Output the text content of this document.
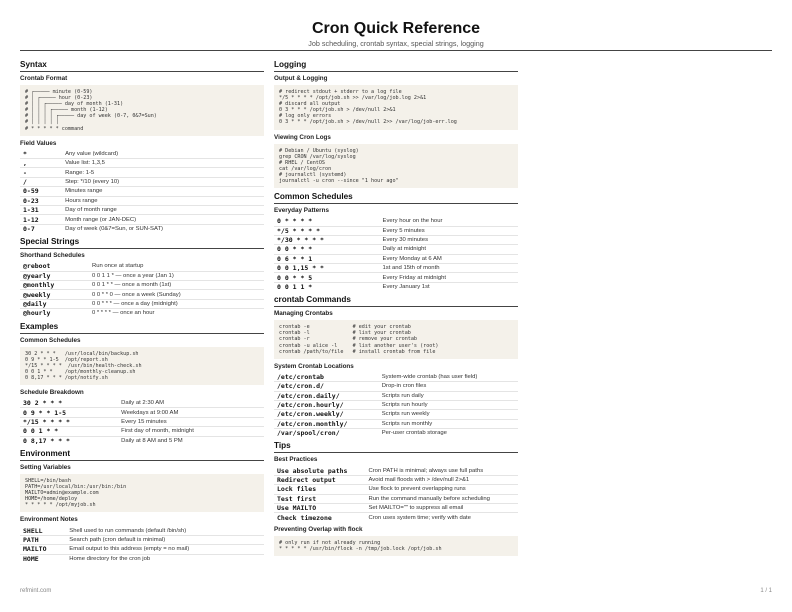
Cron Quick Reference
Job scheduling, crontab syntax, special strings, logging
Syntax
Crontab Format
# ┌───── minute (0-59)
# │ ┌───── hour (0-23)
# │ │ ┌───── day of month (1-31)
# │ │ │ ┌───── month (1-12)
# │ │ │ │ ┌───── day of week (0-7, 0&7=Sun)
# │ │ │ │ │
# * * * * * command
Field Values
*	Any value (wildcard)
,	Value list: 1,3,5
-	Range: 1-5
/	Step: */10 (every 10)
0-59	Minutes range
0-23	Hours range
1-31	Day of month range
1-12	Month range (or JAN-DEC)
0-7	Day of week (0&7=Sun, or SUN-SAT)
Special Strings
Shorthand Schedules
@reboot	Run once at startup
@yearly	0 0 1 1 * — once a year (Jan 1)
@monthly	0 0 1 * * — once a month (1st)
@weekly	0 0 * * 0 — once a week (Sunday)
@daily	0 0 * * * — once a day (midnight)
@hourly	0 * * * * — once an hour
Examples
Common Schedules
30 2 * * *   /usr/local/bin/backup.sh
0 9 * * 1-5  /opt/report.sh
*/15 * * * *  /usr/bin/health-check.sh
0 0 1 * *    /opt/monthly-cleanup.sh
0 8,17 * * * /opt/notify.sh
Schedule Breakdown
30 2 * * *	Daily at 2:30 AM
0 9 * * 1-5	Weekdays at 9:00 AM
*/15 * * * *	Every 15 minutes
0 0 1 * *	First day of month, midnight
0 8,17 * * *	Daily at 8 AM and 5 PM
Environment
Setting Variables
SHELL=/bin/bash
PATH=/usr/local/bin:/usr/bin:/bin
MAILTO=admin@example.com
HOME=/home/deploy
* * * * * /opt/myjob.sh
Environment Notes
SHELL	Shell used to run commands (default /bin/sh)
PATH	Search path (cron default is minimal)
MAILTO	Email output to this address (empty = no mail)
HOME	Home directory for the cron job
Logging
Output & Logging
# redirect stdout + stderr to a log file
*/5 * * * * /opt/job.sh >> /var/log/job.log 2>&1
# discard all output
0 3 * * * /opt/job.sh > /dev/null 2>&1
# log only errors
0 3 * * * /opt/job.sh > /dev/null 2>> /var/log/job-err.log
Viewing Cron Logs
# Debian / Ubuntu (syslog)
grep CRON /var/log/syslog
# RHEL / CentOS
cat /var/log/cron
# journalctl (systemd)
journalctl -u cron --since "1 hour ago"
Common Schedules
Everyday Patterns
0 * * * *	Every hour on the hour
*/5 * * * *	Every 5 minutes
*/30 * * * *	Every 30 minutes
0 0 * * *	Daily at midnight
0 6 * * 1	Every Monday at 6 AM
0 0 1,15 * *	1st and 15th of month
0 0 * * 5	Every Friday at midnight
0 0 1 1 *	Every January 1st
crontab Commands
Managing Crontabs
crontab -e              # edit your crontab
crontab -l              # list your crontab
crontab -r              # remove your crontab
crontab -u alice -l     # list another user's (root)
crontab /path/to/file   # install crontab from file
System Crontab Locations
/etc/crontab	System-wide crontab (has user field)
/etc/cron.d/	Drop-in cron files
/etc/cron.daily/	Scripts run daily
/etc/cron.hourly/	Scripts run hourly
/etc/cron.weekly/	Scripts run weekly
/etc/cron.monthly/	Scripts run monthly
/var/spool/cron/	Per-user crontab storage
Tips
Best Practices
Use absolute paths	Cron PATH is minimal; always use full paths
Redirect output	Avoid mail floods with > /dev/null 2>&1
Lock files	Use flock to prevent overlapping runs
Test first	Run the command manually before scheduling
Use MAILTO	Set MAILTO="" to suppress all email
Check timezone	Cron uses system time; verify with date
Preventing Overlap with flock
# only run if not already running
* * * * * /usr/bin/flock -n /tmp/job.lock /opt/job.sh
refmint.com	1 / 1
